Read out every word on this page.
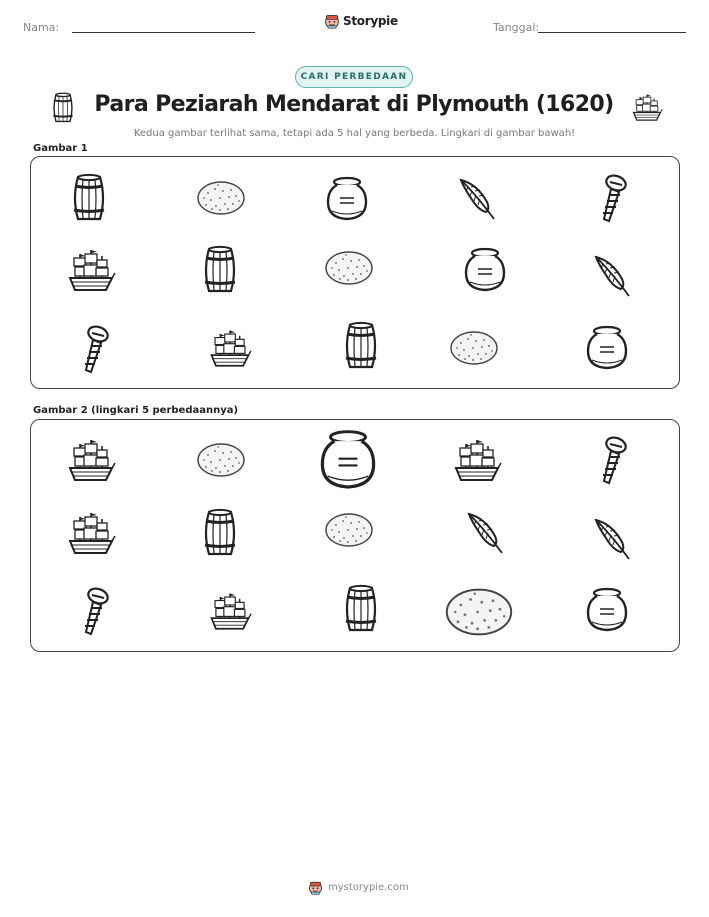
Nama:	Storypie	Tanggal:
CARI PERBEDAAN
Para Peziarah Mendarat di Plymouth (1620)
Kedua gambar terlihat sama, tetapi ada 5 hal yang berbeda. Lingkari di gambar bawah!
Gambar 1
Gambar 2 (lingkari 5 perbedaannya)
mystorypie.com
